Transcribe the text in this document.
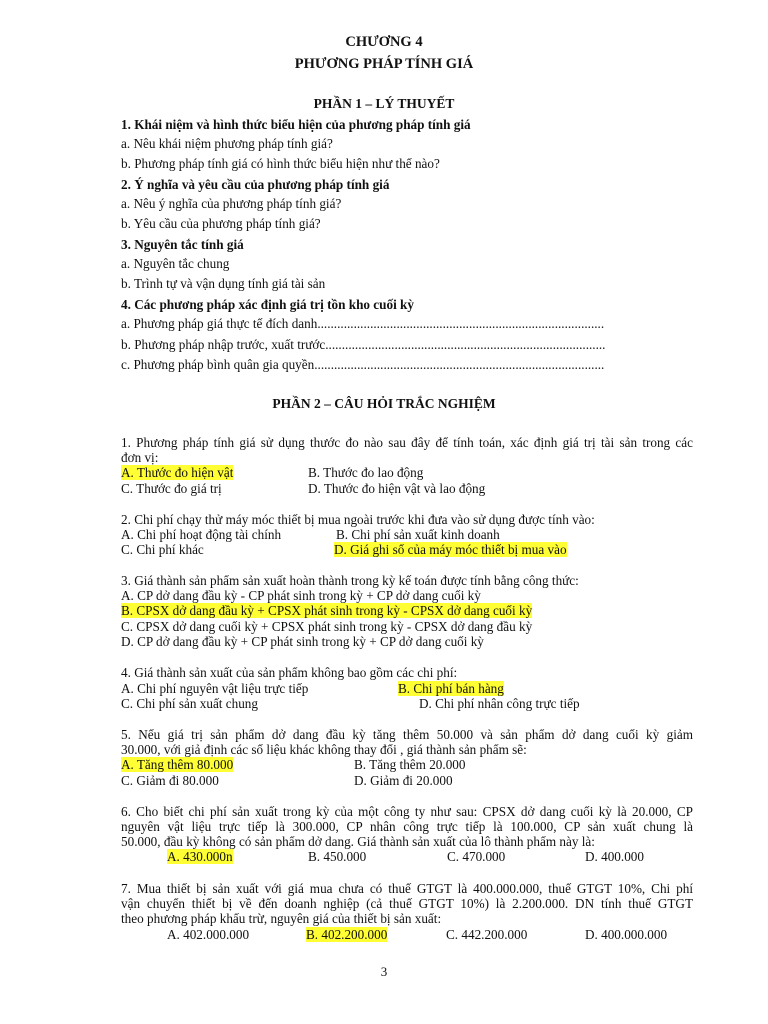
CHƯƠNG 4
PHƯƠNG PHÁP TÍNH GIÁ
PHẦN 1 – LÝ THUYẾT
1. Khái niệm và hình thức biểu hiện của phương pháp tính giá
a. Nêu khái niệm phương pháp tính giá?
b. Phương pháp tính giá có hình thức biểu hiện như thế nào?
2. Ý nghĩa và yêu cầu của phương pháp tính giá
a. Nêu ý nghĩa của phương pháp tính giá?
b. Yêu cầu của phương pháp tính giá?
3. Nguyên tắc tính giá
a. Nguyên tắc chung
b. Trình tự và vận dụng tính giá tài sản
4. Các phương pháp xác định giá trị tồn kho cuối kỳ
a. Phương pháp giá thực tế đích danh.......................................................................................
b. Phương pháp nhập trước, xuất trước.....................................................................................
c. Phương pháp bình quân gia quyền........................................................................................
PHẦN 2 – CÂU HỎI TRẮC NGHIỆM
1. Phương pháp tính giá sử dụng thước đo nào sau đây để tính toán, xác định giá trị tài sản trong các
đơn vị:
A. Thước đo hiện vật	B. Thước đo lao động
C. Thước đo giá trị	D. Thước đo hiện vật và lao động
2. Chi phí chạy thử máy móc thiết bị mua ngoài trước khi đưa vào sử dụng được tính vào:
A. Chi phí hoạt động tài chính	B. Chi phí sản xuất kinh doanh
C. Chi phí khác	D. Giá ghi sổ của máy móc thiết bị mua vào
3. Giá thành sản phẩm sản xuất hoàn thành trong kỳ kế toán được tính bằng công thức:
A. CP dở dang đầu kỳ - CP phát sinh trong kỳ + CP dở dang cuối kỳ
B. CPSX dở dang đầu kỳ + CPSX phát sinh trong kỳ - CPSX dở dang cuối kỳ
C. CPSX dở dang cuối kỳ + CPSX phát sinh trong kỳ - CPSX dở dang đầu kỳ
D. CP dở dang đầu kỳ + CP phát sinh trong kỳ + CP dở dang cuối kỳ
4. Giá thành sản xuất của sản phẩm không bao gồm các chi phí:
A. Chi phí nguyên vật liệu trực tiếp	B. Chi phí bán hàng
C. Chi phí sản xuất chung	D. Chi phí nhân công trực tiếp
5. Nếu giá trị sản phẩm dở dang đầu kỳ tăng thêm 50.000 và sản phẩm dở dang cuối kỳ giảm
30.000, với giả định các số liệu khác không thay đổi , giá thành sản phẩm sẽ:
A. Tăng thêm 80.000	B. Tăng thêm 20.000
C. Giảm đi 80.000	D. Giảm đi 20.000
6. Cho biết chi phí sản xuất trong kỳ của một công ty như sau: CPSX dở dang cuối kỳ là 20.000, CP
nguyên vật liệu trực tiếp là 300.000, CP nhân công trực tiếp là 100.000, CP sản xuất chung là
50.000, đầu kỳ không có sản phẩm dở dang. Giá thành sản xuất của lô thành phẩm này là:
A. 430.000n	B. 450.000	C. 470.000	D. 400.000
7. Mua thiết bị sản xuất với giá mua chưa có thuế GTGT là 400.000.000, thuế GTGT 10%, Chi phí
vận chuyển thiết bị về đến doanh nghiệp (cả thuế GTGT 10%) là 2.200.000. DN tính thuế GTGT
theo phương pháp khấu trừ, nguyên giá của thiết bị sản xuất:
A. 402.000.000	B. 402.200.000	C. 442.200.000	D. 400.000.000
3
